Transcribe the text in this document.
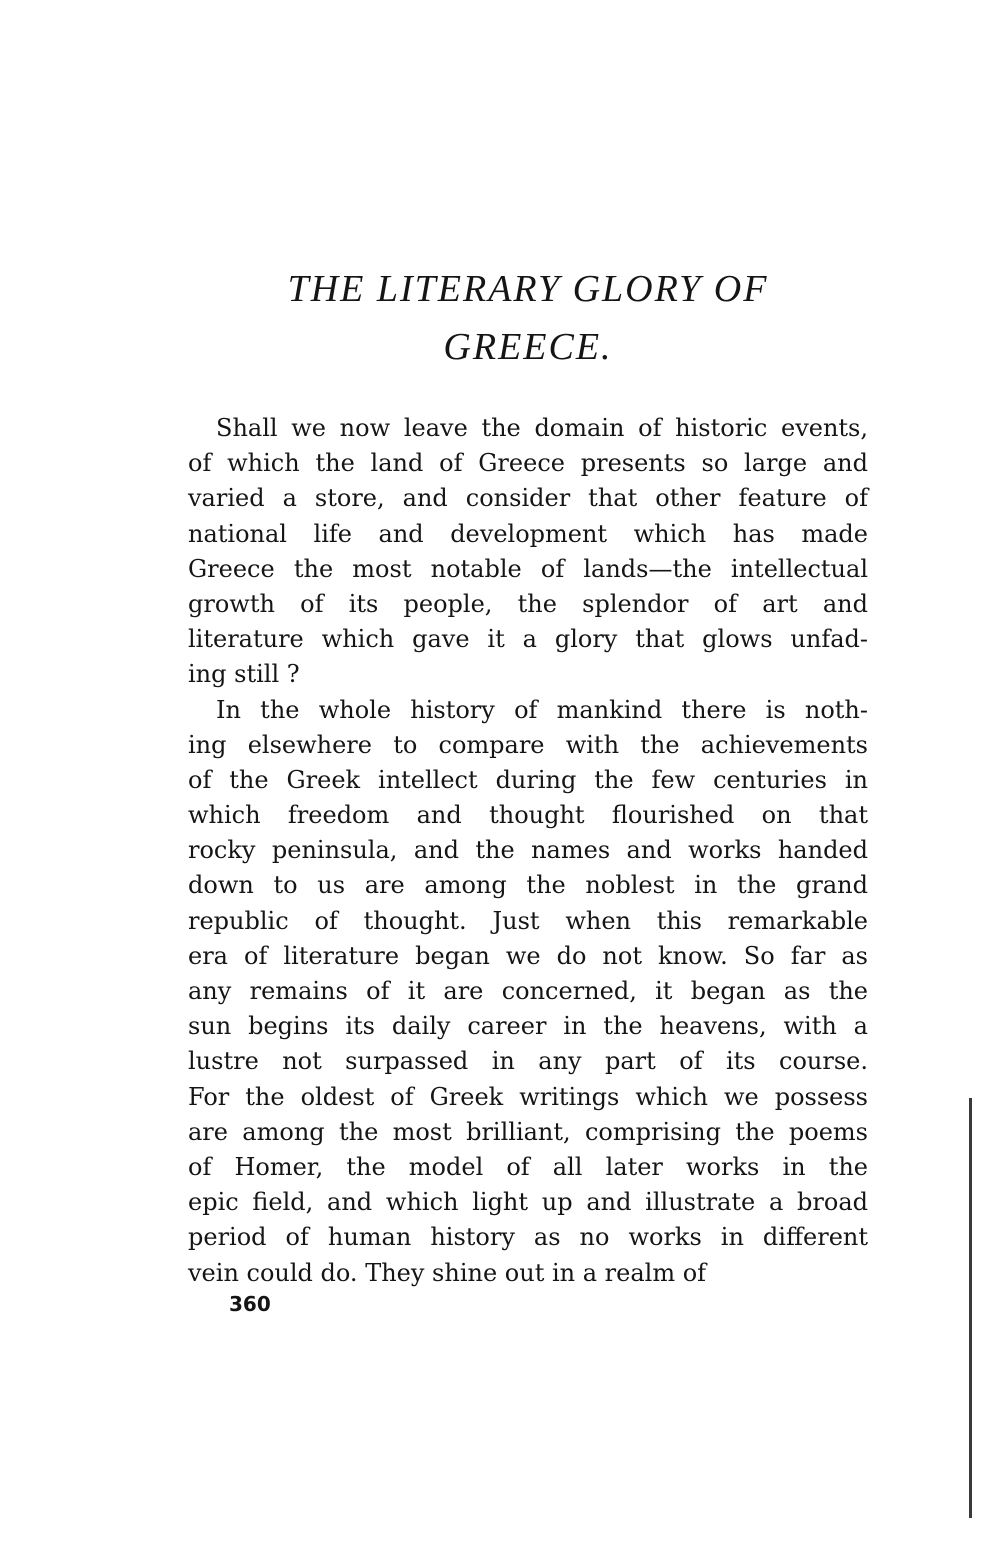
THE LITERARY GLORY OF
GREECE.
Shall we now leave the domain of historic events,
of which the land of Greece presents so large and
varied a store, and consider that other feature of
national life and development which has made
Greece the most notable of lands—the intellectual
growth of its people, the splendor of art and
literature which gave it a glory that glows unfad-
ing still ?
In the whole history of mankind there is noth-
ing elsewhere to compare with the achievements
of the Greek intellect during the few centuries in
which freedom and thought flourished on that
rocky peninsula, and the names and works handed
down to us are among the noblest in the grand
republic of thought. Just when this remarkable
era of literature began we do not know. So far as
any remains of it are concerned, it began as the
sun begins its daily career in the heavens, with a
lustre not surpassed in any part of its course.
For the oldest of Greek writings which we possess
are among the most brilliant, comprising the poems
of Homer, the model of all later works in the
epic field, and which light up and illustrate a broad
period of human history as no works in different
vein could do. They shine out in a realm of
360
